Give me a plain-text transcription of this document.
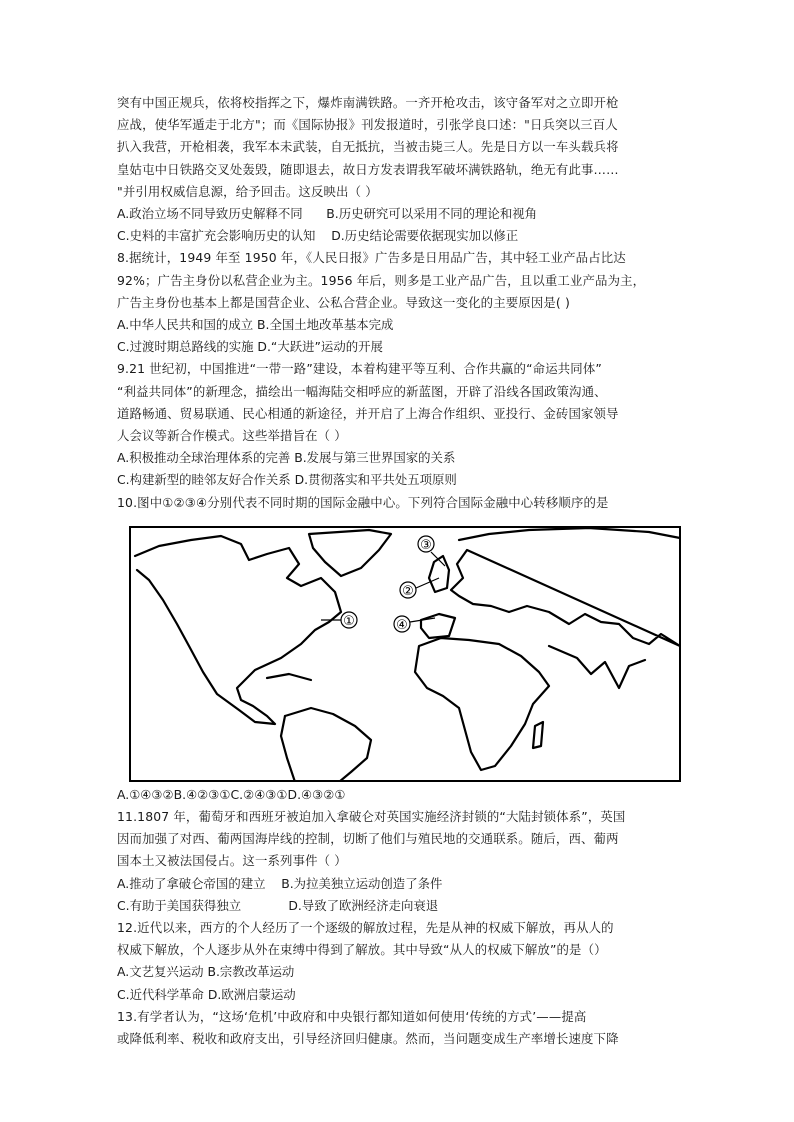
突有中国正规兵，依将校指挥之下，爆炸南满铁路。一齐开枪攻击，该守备军对之立即开枪
应战，使华军遁走于北方"；而《国际协报》刊发报道时，引张学良口述："日兵突以三百人
扒入我营，开枪相袭，我军本未武装，自无抵抗，当被击毙三人。先是日方以一车头载兵将
皇姑屯中日铁路交叉处轰毁，随即退去，故日方发表谓我军破坏满铁路轨，绝无有此事……
"并引用权威信息源，给予回击。这反映出（ ）
A.政治立场不同导致历史解释不同      B.历史研究可以采用不同的理论和视角
C.史料的丰富扩充会影响历史的认知    D.历史结论需要依据现实加以修正
8.据统计，1949 年至 1950 年，《人民日报》广告多是日用品广告，其中轻工业产品占比达
92%；广告主身份以私营企业为主。1956 年后，则多是工业产品广告，且以重工业产品为主，
广告主身份也基本上都是国营企业、公私合营企业。导致这一变化的主要原因是( )
A.中华人民共和国的成立 B.全国土地改革基本完成
C.过渡时期总路线的实施 D.“大跃进”运动的开展
9.21 世纪初，中国推进“一带一路”建设，本着构建平等互利、合作共赢的“命运共同体”
“利益共同体”的新理念，描绘出一幅海陆交相呼应的新蓝图，开辟了沿线各国政策沟通、
道路畅通、贸易联通、民心相通的新途径，并开启了上海合作组织、亚投行、金砖国家领导
人会议等新合作模式。这些举措旨在（ ）
A.积极推动全球治理体系的完善 B.发展与第三世界国家的关系
C.构建新型的睦邻友好合作关系 D.贯彻落实和平共处五项原则
10.图中①②③④分别代表不同时期的国际金融中心。下列符合国际金融中心转移顺序的是
①
②
③
④
A.①④③②B.④②③①C.②④③①D.④③②①
11.1807 年，葡萄牙和西班牙被迫加入拿破仑对英国实施经济封锁的“大陆封锁体系”，英国
因而加强了对西、葡两国海岸线的控制，切断了他们与殖民地的交通联系。随后，西、葡两
国本土又被法国侵占。这一系列事件（ ）
A.推动了拿破仑帝国的建立    B.为拉美独立运动创造了条件
C.有助于美国获得独立            D.导致了欧洲经济走向衰退
12.近代以来，西方的个人经历了一个逐级的解放过程，先是从神的权威下解放，再从人的
权威下解放，个人逐步从外在束缚中得到了解放。其中导致“从人的权威下解放”的是（）
A.文艺复兴运动 B.宗教改革运动
C.近代科学革命 D.欧洲启蒙运动
13.有学者认为，“这场‘危机’中政府和中央银行都知道如何使用‘传统的方式’——提高
或降低利率、税收和政府支出，引导经济回归健康。然而，当问题变成生产率增长速度下降
